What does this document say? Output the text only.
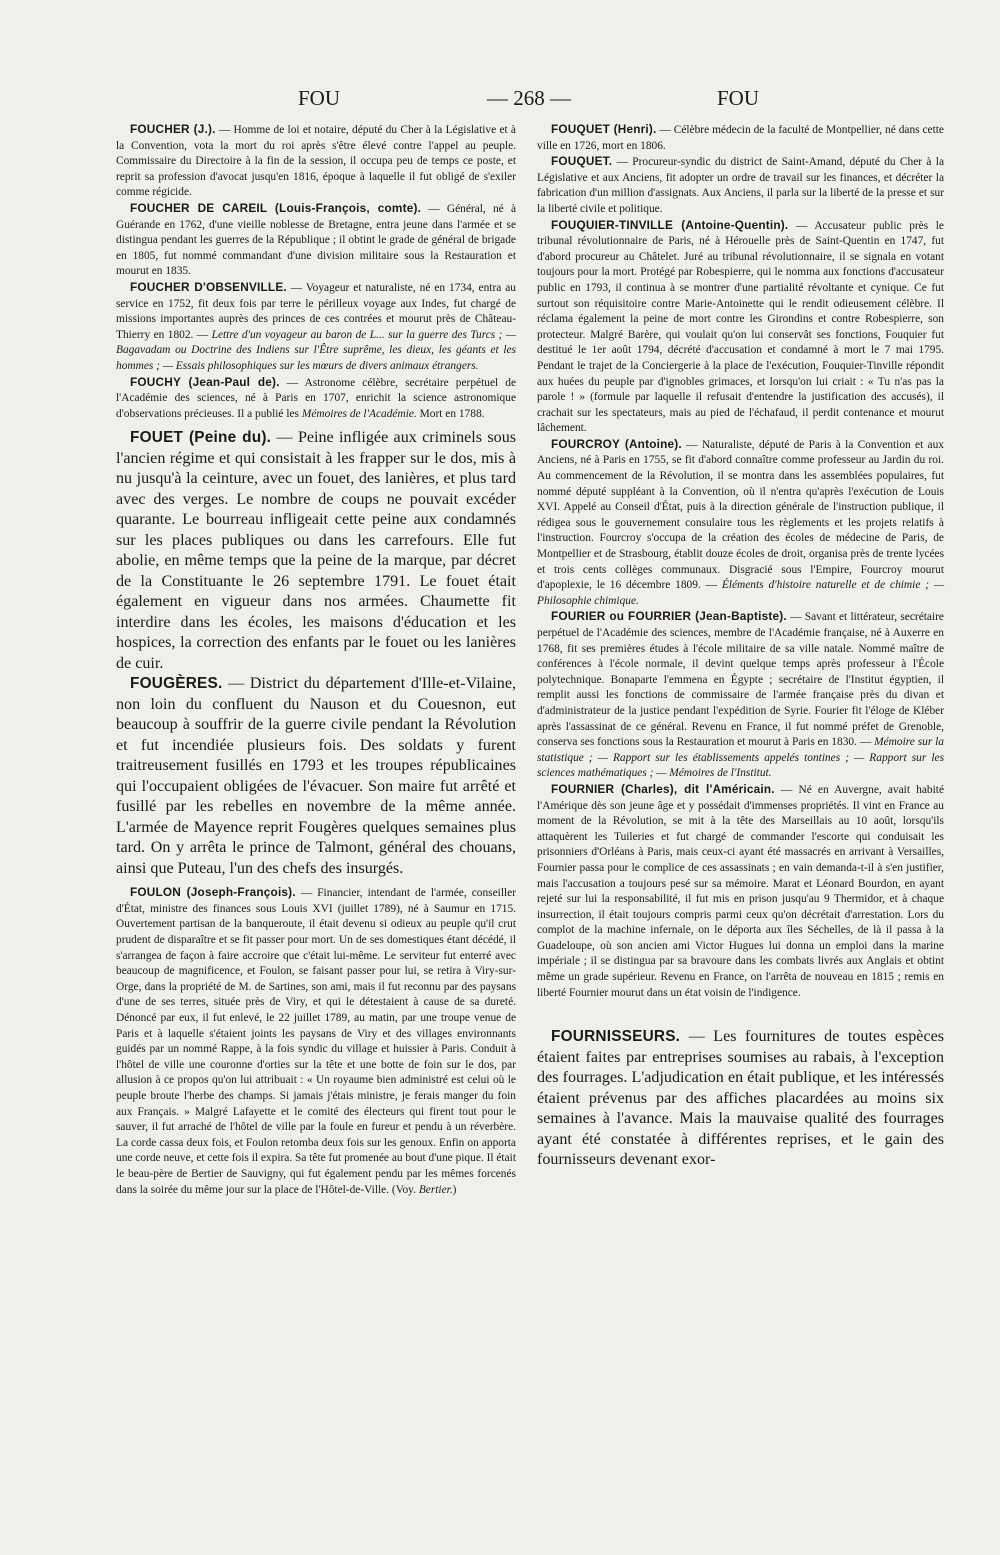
FOU	— 268 —	FOU

FOUCHER (J.). — Homme de loi et notaire, député du Cher à la Législative et à la Convention, vota la mort du roi après s'être élevé contre l'appel au peuple. Commissaire du Directoire à la fin de la session, il occupa peu de temps ce poste, et reprit sa profession d'avocat jusqu'en 1816, époque à laquelle il fut obligé de s'exiler comme régicide.

FOUCHER DE CAREIL (Louis-François, comte). — Général, né à Guérande en 1762, d'une vieille noblesse de Bretagne, entra jeune dans l'armée et se distingua pendant les guerres de la République ; il obtint le grade de général de brigade en 1805, fut nommé commandant d'une division militaire sous la Restauration et mourut en 1835.

FOUCHER D'OBSENVILLE. — Voyageur et naturaliste, né en 1734, entra au service en 1752, fit deux fois par terre le périlleux voyage aux Indes, fut chargé de missions importantes auprès des princes de ces contrées et mourut près de Château-Thierry en 1802. — Lettre d'un voyageur au baron de L... sur la guerre des Turcs ; — Bagavadam ou Doctrine des Indiens sur l'Être suprême, les dieux, les géants et les hommes ; — Essais philosophiques sur les mœurs de divers animaux étrangers.

FOUCHY (Jean-Paul de). — Astronome célèbre, secrétaire perpétuel de l'Académie des sciences, né à Paris en 1707, enrichit la science astronomique d'observations précieuses. Il a publié les Mémoires de l'Académie. Mort en 1788.

FOUET (Peine du). — Peine infligée aux criminels sous l'ancien régime et qui consistait à les frapper sur le dos, mis à nu jusqu'à la ceinture, avec un fouet, des lanières, et plus tard avec des verges. Le nombre de coups ne pouvait excéder quarante. Le bourreau infligeait cette peine aux condamnés sur les places publiques ou dans les carrefours. Elle fut abolie, en même temps que la peine de la marque, par décret de la Constituante le 26 septembre 1791. Le fouet était également en vigueur dans nos armées. Chaumette fit interdire dans les écoles, les maisons d'éducation et les hospices, la correction des enfants par le fouet ou les lanières de cuir.

FOUGÈRES. — District du département d'Ille-et-Vilaine, non loin du confluent du Nauson et du Couesnon, eut beaucoup à souffrir de la guerre civile pendant la Révolution et fut incendiée plusieurs fois. Des soldats y furent traitreusement fusillés en 1793 et les troupes républicaines qui l'occupaient obligées de l'évacuer. Son maire fut arrêté et fusillé par les rebelles en novembre de la même année. L'armée de Mayence reprit Fougères quelques semaines plus tard. On y arrêta le prince de Talmont, général des chouans, ainsi que Puteau, l'un des chefs des insurgés.

FOULON (Joseph-François). — Financier, intendant de l'armée, conseiller d'État, ministre des finances sous Louis XVI (juillet 1789), né à Saumur en 1715. Ouvertement partisan de la banqueroute, il était devenu si odieux au peuple qu'il crut prudent de disparaître et se fit passer pour mort. Un de ses domestiques étant décédé, il s'arrangea de façon à faire accroire que c'était lui-même. Le serviteur fut enterré avec beaucoup de magnificence, et Foulon, se faisant passer pour lui, se retira à Viry-sur-Orge, dans la propriété de M. de Sartines, son ami, mais il fut reconnu par des paysans d'une de ses terres, située près de Viry, et qui le détestaient à cause de sa dureté. Dénoncé par eux, il fut enlevé, le 22 juillet 1789, au matin, par une troupe venue de Paris et à laquelle s'étaient joints les paysans de Viry et des villages environnants guidés par un nommé Rappe, à la fois syndic du village et huissier à Paris. Conduit à l'hôtel de ville une couronne d'orties sur la tête et une botte de foin sur le dos, par allusion à ce propos qu'on lui attribuait : « Un royaume bien administré est celui où le peuple broute l'herbe des champs. Si jamais j'étais ministre, je ferais manger du foin aux Français. » Malgré Lafayette et le comité des électeurs qui firent tout pour le sauver, il fut arraché de l'hôtel de ville par la foule en fureur et pendu à un réverbère. La corde cassa deux fois, et Foulon retomba deux fois sur les genoux. Enfin on apporta une corde neuve, et cette fois il expira. Sa tête fut promenée au bout d'une pique. Il était le beau-père de Bertier de Sauvigny, qui fut également pendu par les mêmes forcenés dans la soirée du même jour sur la place de l'Hôtel-de-Ville. (Voy. Bertier.)

FOUQUET (Henri). — Célèbre médecin de la faculté de Montpellier, né dans cette ville en 1726, mort en 1806.

FOUQUET. — Procureur-syndic du district de Saint-Amand, député du Cher à la Législative et aux Anciens, fit adopter un ordre de travail sur les finances, et décréter la fabrication d'un million d'assignats. Aux Anciens, il parla sur la liberté de la presse et sur la liberté civile et politique.

FOUQUIER-TINVILLE (Antoine-Quentin). — Accusateur public près le tribunal révolutionnaire de Paris, né à Hérouelle près de Saint-Quentin en 1747, fut d'abord procureur au Châtelet. Juré au tribunal révolutionnaire, il se signala en votant toujours pour la mort. Protégé par Robespierre, qui le nomma aux fonctions d'accusateur public en 1793, il continua à se montrer d'une partialité révoltante et cynique. Ce fut surtout son réquisitoire contre Marie-Antoinette qui le rendit odieusement célèbre. Il réclama également la peine de mort contre les Girondins et contre Robespierre, son protecteur. Malgré Barère, qui voulait qu'on lui conservât ses fonctions, Fouquier fut destitué le 1er août 1794, décrété d'accusation et condamné à mort le 7 mai 1795. Pendant le trajet de la Conciergerie à la place de l'exécution, Fouquier-Tinville répondit aux huées du peuple par d'ignobles grimaces, et lorsqu'on lui criait : « Tu n'as pas la parole ! » (formule par laquelle il refusait d'entendre la justification des accusés), il crachait sur les spectateurs, mais au pied de l'échafaud, il perdit contenance et mourut lâchement.

FOURCROY (Antoine). — Naturaliste, député de Paris à la Convention et aux Anciens, né à Paris en 1755, se fit d'abord connaître comme professeur au Jardin du roi. Au commencement de la Révolution, il se montra dans les assemblées populaires, fut nommé député suppléant à la Convention, où il n'entra qu'après l'exécution de Louis XVI. Appelé au Conseil d'État, puis à la direction générale de l'instruction publique, il rédigea sous le gouvernement consulaire tous les règlements et les projets relatifs à l'instruction. Fourcroy s'occupa de la création des écoles de médecine de Paris, de Montpellier et de Strasbourg, établit douze écoles de droit, organisa près de trente lycées et trois cents collèges communaux. Disgracié sous l'Empire, Fourcroy mourut d'apoplexie, le 16 décembre 1809. — Éléments d'histoire naturelle et de chimie ; — Philosophie chimique.

FOURIER ou FOURRIER (Jean-Baptiste). — Savant et littérateur, secrétaire perpétuel de l'Académie des sciences, membre de l'Académie française, né à Auxerre en 1768, fit ses premières études à l'école militaire de sa ville natale. Nommé maître de conférences à l'école normale, il devint quelque temps après professeur à l'École polytechnique. Bonaparte l'emmena en Égypte ; secrétaire de l'Institut égyptien, il remplit aussi les fonctions de commissaire de l'armée française près du divan et d'administrateur de la justice pendant l'expédition de Syrie. Fourier fit l'éloge de Kléber après l'assassinat de ce général. Revenu en France, il fut nommé préfet de Grenoble, conserva ses fonctions sous la Restauration et mourut à Paris en 1830. — Mémoire sur la statistique ; — Rapport sur les établissements appelés tontines ; — Rapport sur les sciences mathématiques ; — Mémoires de l'Institut.

FOURNIER (Charles), dit l'Américain. — Né en Auvergne, avait habité l'Amérique dès son jeune âge et y possédait d'immenses propriétés. Il vint en France au moment de la Révolution, se mit à la tête des Marseillais au 10 août, lorsqu'ils attaquèrent les Tuileries et fut chargé de commander l'escorte qui conduisait les prisonniers d'Orléans à Paris, mais ceux-ci ayant été massacrés en arrivant à Versailles, Fournier passa pour le complice de ces assassinats ; en vain demanda-t-il à s'en justifier, mais l'accusation a toujours pesé sur sa mémoire. Marat et Léonard Bourdon, en ayant rejeté sur lui la responsabilité, il fut mis en prison jusqu'au 9 Thermidor, et à chaque insurrection, il était toujours compris parmi ceux qu'on décrétait d'arrestation. Lors du complot de la machine infernale, on le déporta aux îles Séchelles, de là il passa à la Guadeloupe, où son ancien ami Victor Hugues lui donna un emploi dans la marine impériale ; il se distingua par sa bravoure dans les combats livrés aux Anglais et obtint même un grade supérieur. Revenu en France, on l'arrêta de nouveau en 1815 ; remis en liberté Fournier mourut dans un état voisin de l'indigence.

FOURNISSEURS. — Les fournitures de toutes espèces étaient faites par entreprises soumises au rabais, à l'exception des fourrages. L'adjudication en était publique, et les intéressés étaient prévenus par des affiches placardées au moins six semaines à l'avance. Mais la mauvaise qualité des fourrages ayant été constatée à différentes reprises, et le gain des fournisseurs devenant exor-
